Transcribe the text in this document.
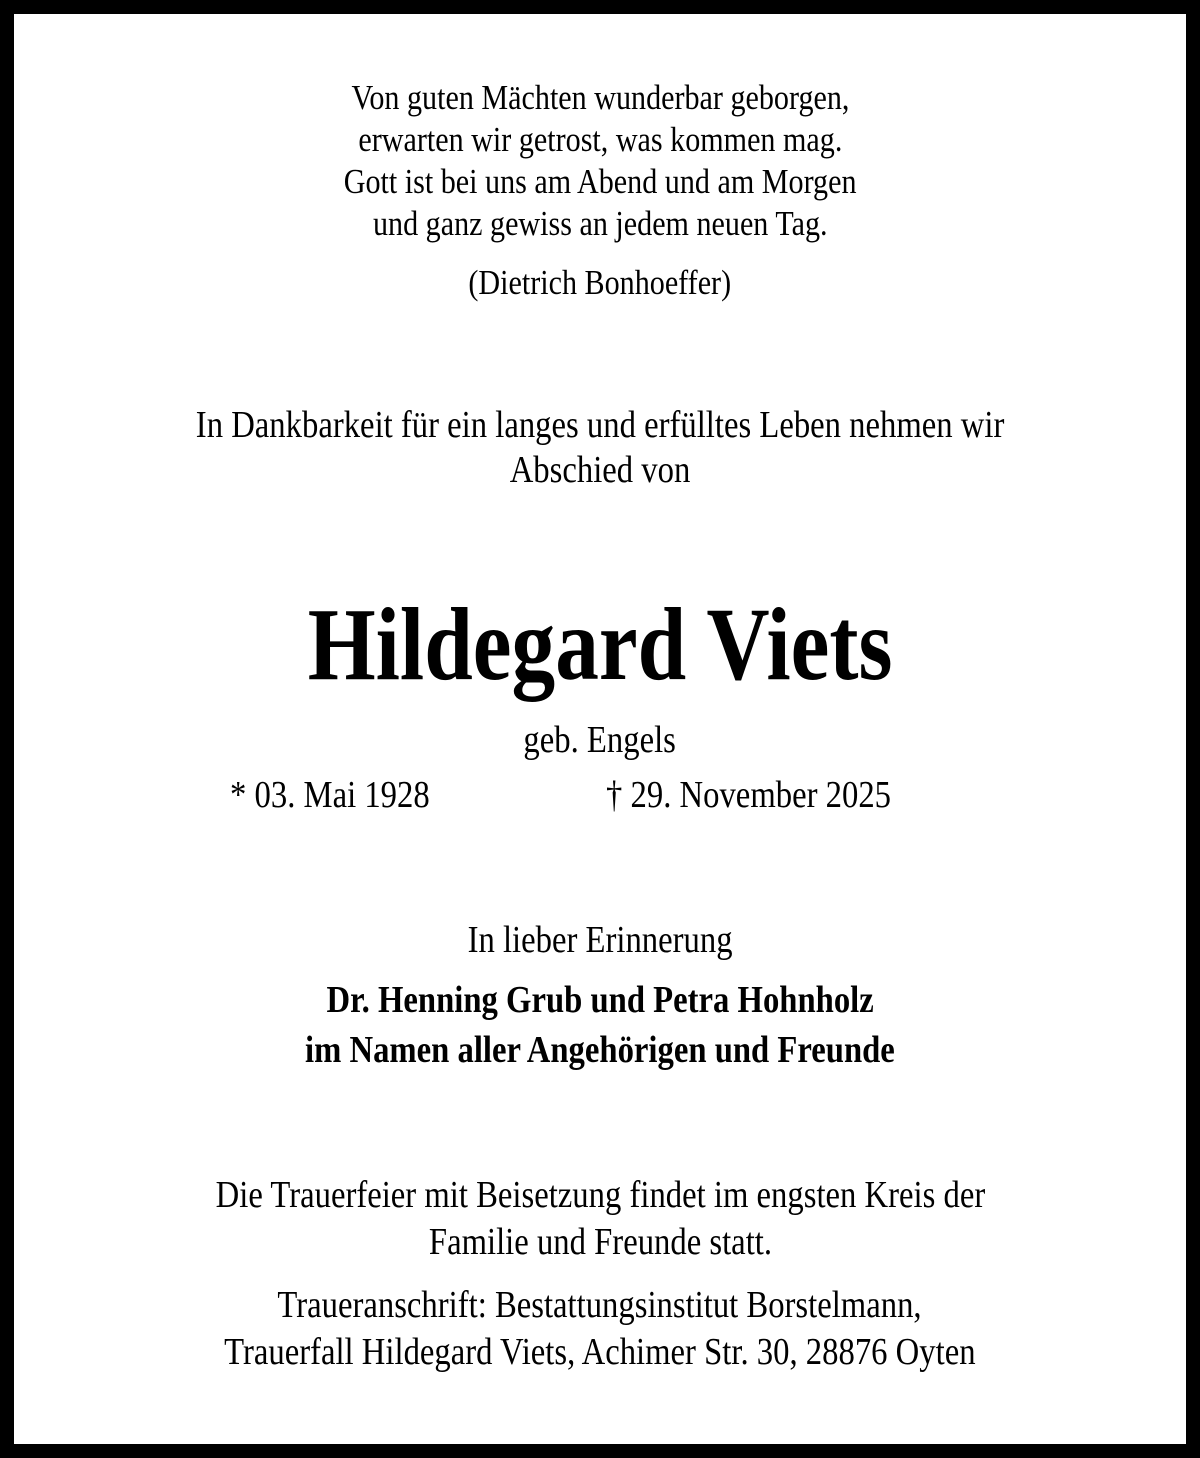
Von guten Mächten wunderbar geborgen,
erwarten wir getrost, was kommen mag.
Gott ist bei uns am Abend und am Morgen
und ganz gewiss an jedem neuen Tag.
(Dietrich Bonhoeffer)
In Dankbarkeit für ein langes und erfülltes Leben nehmen wir
Abschied von
Hildegard Viets
geb. Engels
* 03. Mai 1928	† 29. November 2025
In lieber Erinnerung
Dr. Henning Grub und Petra Hohnholz
im Namen aller Angehörigen und Freunde
Die Trauerfeier mit Beisetzung findet im engsten Kreis der
Familie und Freunde statt.
Traueranschrift: Bestattungsinstitut Borstelmann,
Trauerfall Hildegard Viets, Achimer Str. 30, 28876 Oyten
